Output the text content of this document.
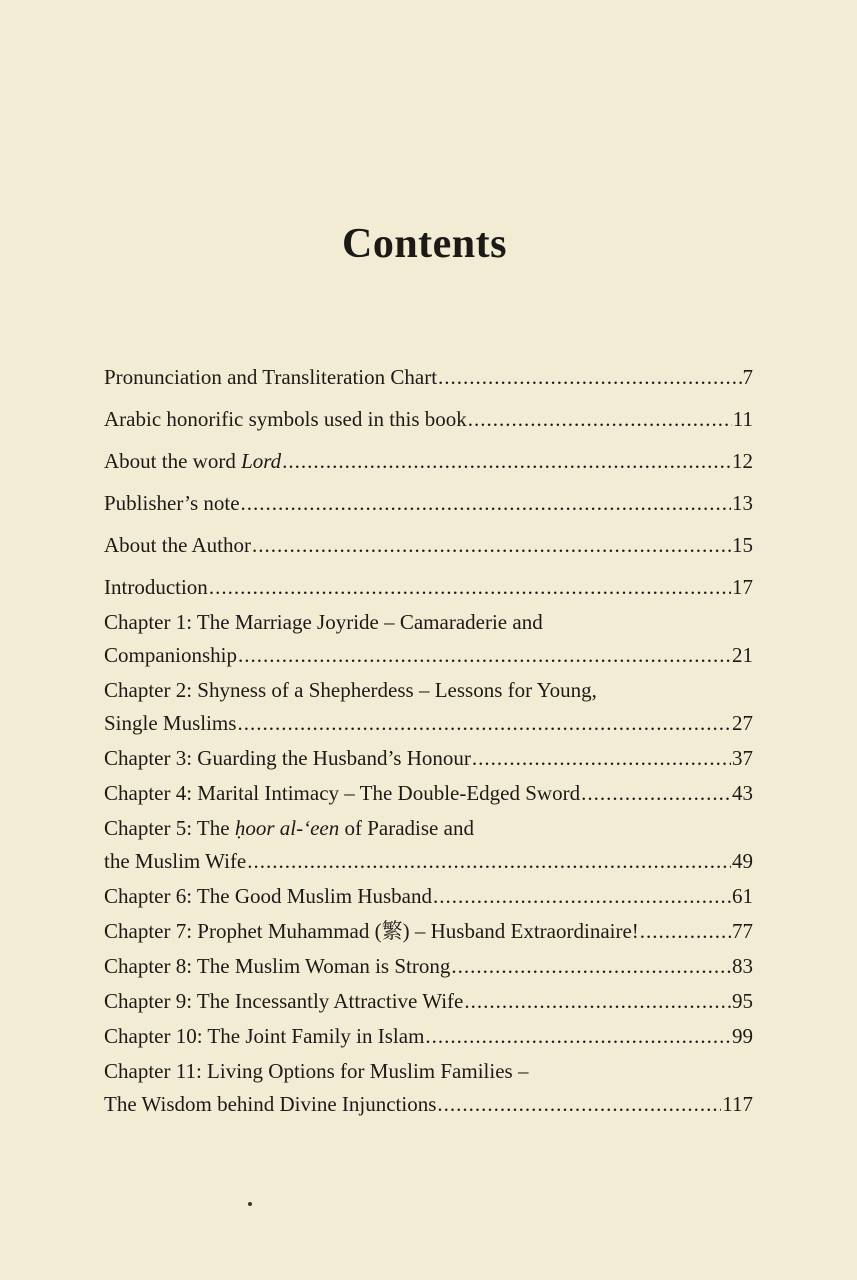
Contents
Pronunciation and Transliteration Chart .....	7
Arabic honorific symbols used in this book .....	11
About the word Lord .....	12
Publisher’s note .....	13
About the Author .....	15
Introduction .....	17
Chapter 1: The Marriage Joyride – Camaraderie and
Companionship .....	21
Chapter 2: Shyness of a Shepherdess – Lessons for Young,
Single Muslims .....	27
Chapter 3: Guarding the Husband’s Honour .....	37
Chapter 4: Marital Intimacy – The Double-Edged Sword .....	43
Chapter 5: The ḥoor al-‘een of Paradise and
the Muslim Wife .....	49
Chapter 6: The Good Muslim Husband .....	61
Chapter 7: Prophet Muhammad (繁) – Husband Extraordinaire! .....	77
Chapter 8: The Muslim Woman is Strong .....	83
Chapter 9: The Incessantly Attractive Wife .....	95
Chapter 10: The Joint Family in Islam .....	99
Chapter 11: Living Options for Muslim Families –
The Wisdom behind Divine Injunctions .....	117
